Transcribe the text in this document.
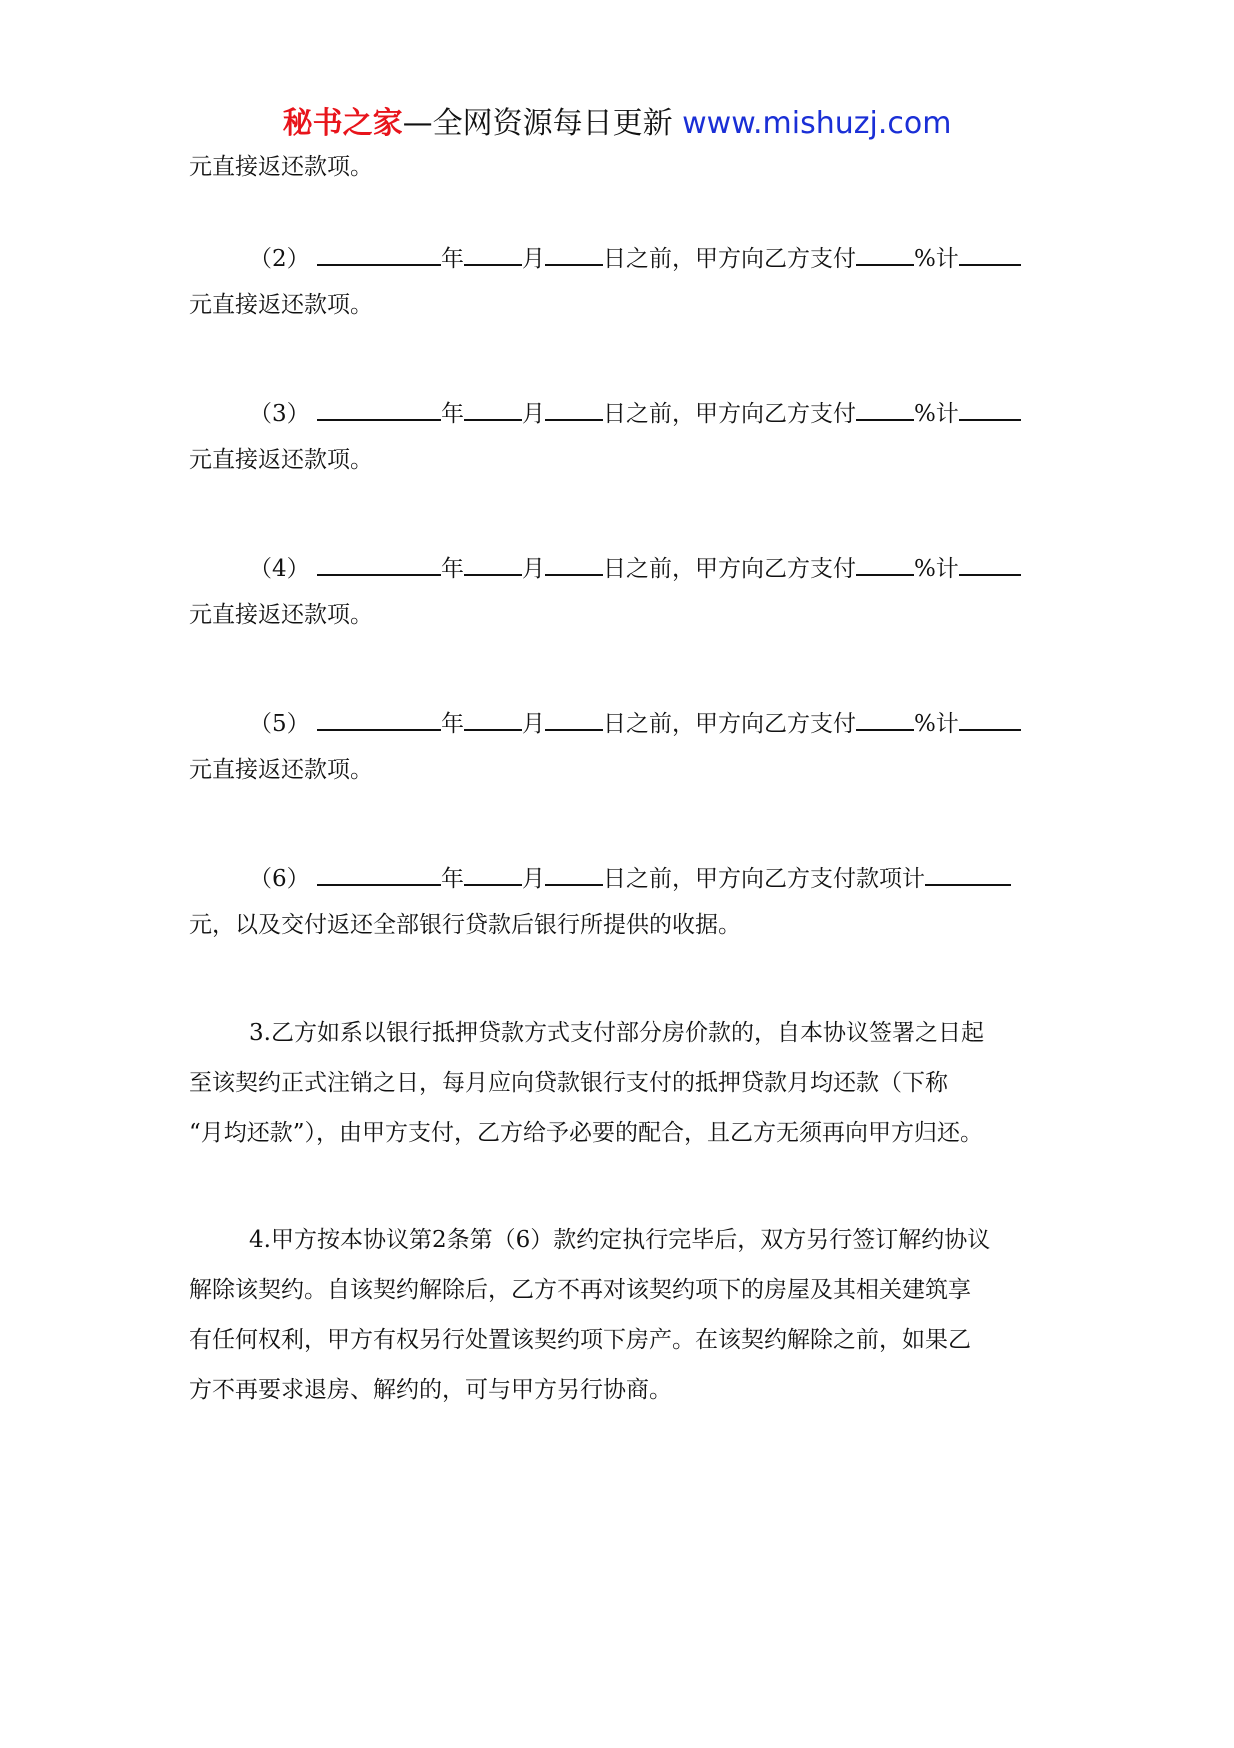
秘书之家—全网资源每日更新 www.mishuzj.com
元直接返还款项。
（2）	年	月	日之前，甲方向乙方支付	%计
元直接返还款项。
（3）	年	月	日之前，甲方向乙方支付	%计
元直接返还款项。
（4）	年	月	日之前，甲方向乙方支付	%计
元直接返还款项。
（5）	年	月	日之前，甲方向乙方支付	%计
元直接返还款项。
（6）	年	月	日之前，甲方向乙方支付款项计
元，以及交付返还全部银行贷款后银行所提供的收据。
3.乙方如系以银行抵押贷款方式支付部分房价款的，自本协议签署之日起
至该契约正式注销之日，每月应向贷款银行支付的抵押贷款月均还款（下称
“月均还款”），由甲方支付，乙方给予必要的配合，且乙方无须再向甲方归还。
4.甲方按本协议第2条第（6）款约定执行完毕后，双方另行签订解约协议
解除该契约。自该契约解除后，乙方不再对该契约项下的房屋及其相关建筑享
有任何权利，甲方有权另行处置该契约项下房产。在该契约解除之前，如果乙
方不再要求退房、解约的，可与甲方另行协商。
